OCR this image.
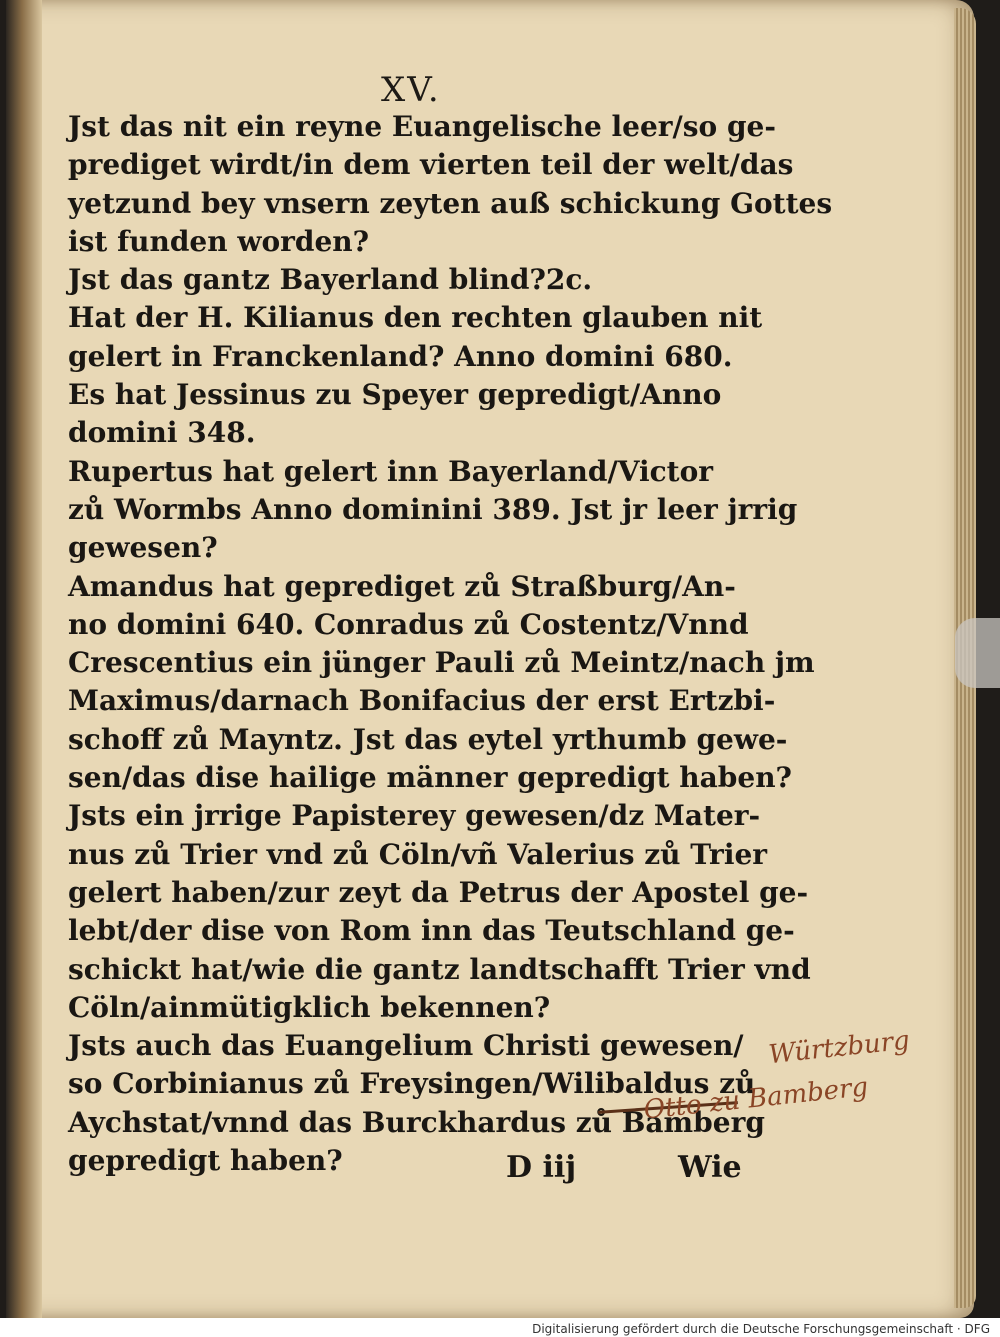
XV.
Jst das nit ein reyne Euangelische leer/so ge-
prediget wirdt/in dem vierten teil der welt/das
yetzund bey vnsern zeyten auß schickung Gottes
ist funden worden?
Jst das gantz Bayerland blind?2c.
Hat der H. Kilianus den rechten glauben nit
gelert in Franckenland? Anno domini 680.
Es hat Jessinus zu Speyer gepredigt/Anno
domini 348.
Rupertus hat gelert inn Bayerland/Victor
zů Wormbs Anno dominini 389. Jst jr leer jrrig
gewesen?
Amandus hat geprediget zů Straßburg/An-
no domini 640. Conradus zů Costentz/Vnnd
Crescentius ein jünger Pauli zů Meintz/nach jm
Maximus/darnach Bonifacius der erst Ertzbi-
schoff zů Mayntz. Jst das eytel yrthumb gewe-
sen/das dise hailige männer gepredigt haben?
Jsts ein jrrige Papisterey gewesen/dz Mater-
nus zů Trier vnd zů Cöln/vñ Valerius zů Trier
gelert haben/zur zeyt da Petrus der Apostel ge-
lebt/der dise von Rom inn das Teutschland ge-
schickt hat/wie die gantz landtschafft Trier vnd
Cöln/ainmütigklich bekennen?
Jsts auch das Euangelium Christi gewesen/
so Corbinianus zů Freysingen/Wilibaldus zů
Aychstat/vnnd das Burckhardus zů Bamberg
gepredigt haben?
Würtzburg
Otto zu Bamberg
D iij	Wie
Digitalisierung gefördert durch die Deutsche Forschungsgemeinschaft · DFG
